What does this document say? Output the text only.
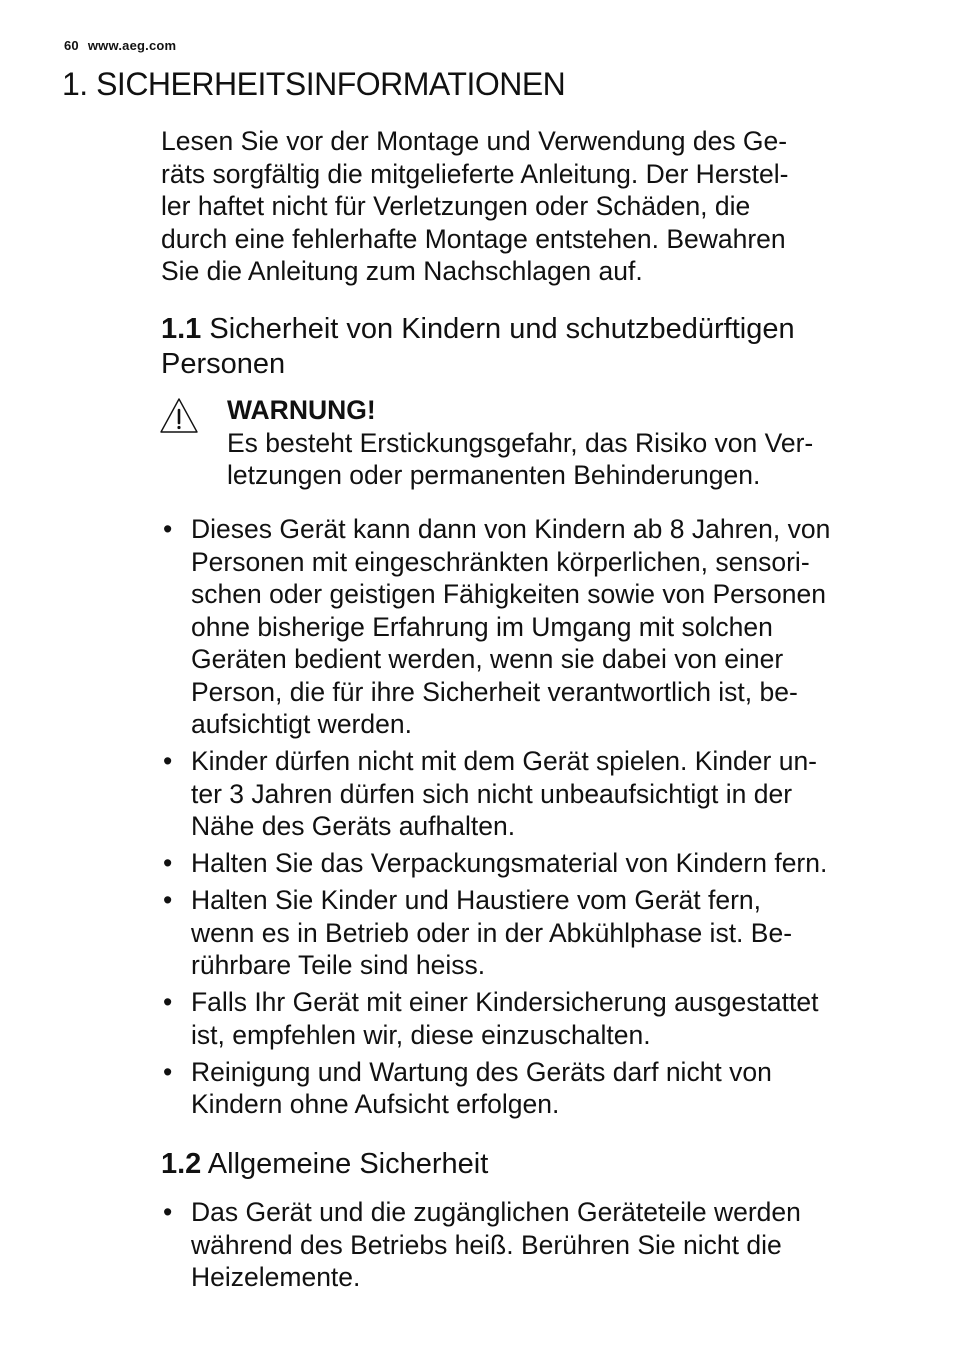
60 www.aeg.com
1. SICHERHEITSINFORMATIONEN

Lesen Sie vor der Montage und Verwendung des Ge-
räts sorgfältig die mitgelieferte Anleitung. Der Herstel-
ler haftet nicht für Verletzungen oder Schäden, die
durch eine fehlerhafte Montage entstehen. Bewahren
Sie die Anleitung zum Nachschlagen auf.

1.1 Sicherheit von Kindern und schutzbedürftigen
Personen
WARNUNG!
Es besteht Erstickungsgefahr, das Risiko von Ver-
letzungen oder permanenten Behinderungen.
• Dieses Gerät kann dann von Kindern ab 8 Jahren, von
Personen mit eingeschränkten körperlichen, sensori-
schen oder geistigen Fähigkeiten sowie von Personen
ohne bisherige Erfahrung im Umgang mit solchen
Geräten bedient werden, wenn sie dabei von einer
Person, die für ihre Sicherheit verantwortlich ist, be-
aufsichtigt werden.
• Kinder dürfen nicht mit dem Gerät spielen. Kinder un-
ter 3 Jahren dürfen sich nicht unbeaufsichtigt in der
Nähe des Geräts aufhalten.
• Halten Sie das Verpackungsmaterial von Kindern fern.
• Halten Sie Kinder und Haustiere vom Gerät fern,
wenn es in Betrieb oder in der Abkühlphase ist. Be-
rührbare Teile sind heiss.
• Falls Ihr Gerät mit einer Kindersicherung ausgestattet
ist, empfehlen wir, diese einzuschalten.
• Reinigung und Wartung des Geräts darf nicht von
Kindern ohne Aufsicht erfolgen.
1.2 Allgemeine Sicherheit
• Das Gerät und die zugänglichen Geräteteile werden
während des Betriebs heiß. Berühren Sie nicht die
Heizelemente.
